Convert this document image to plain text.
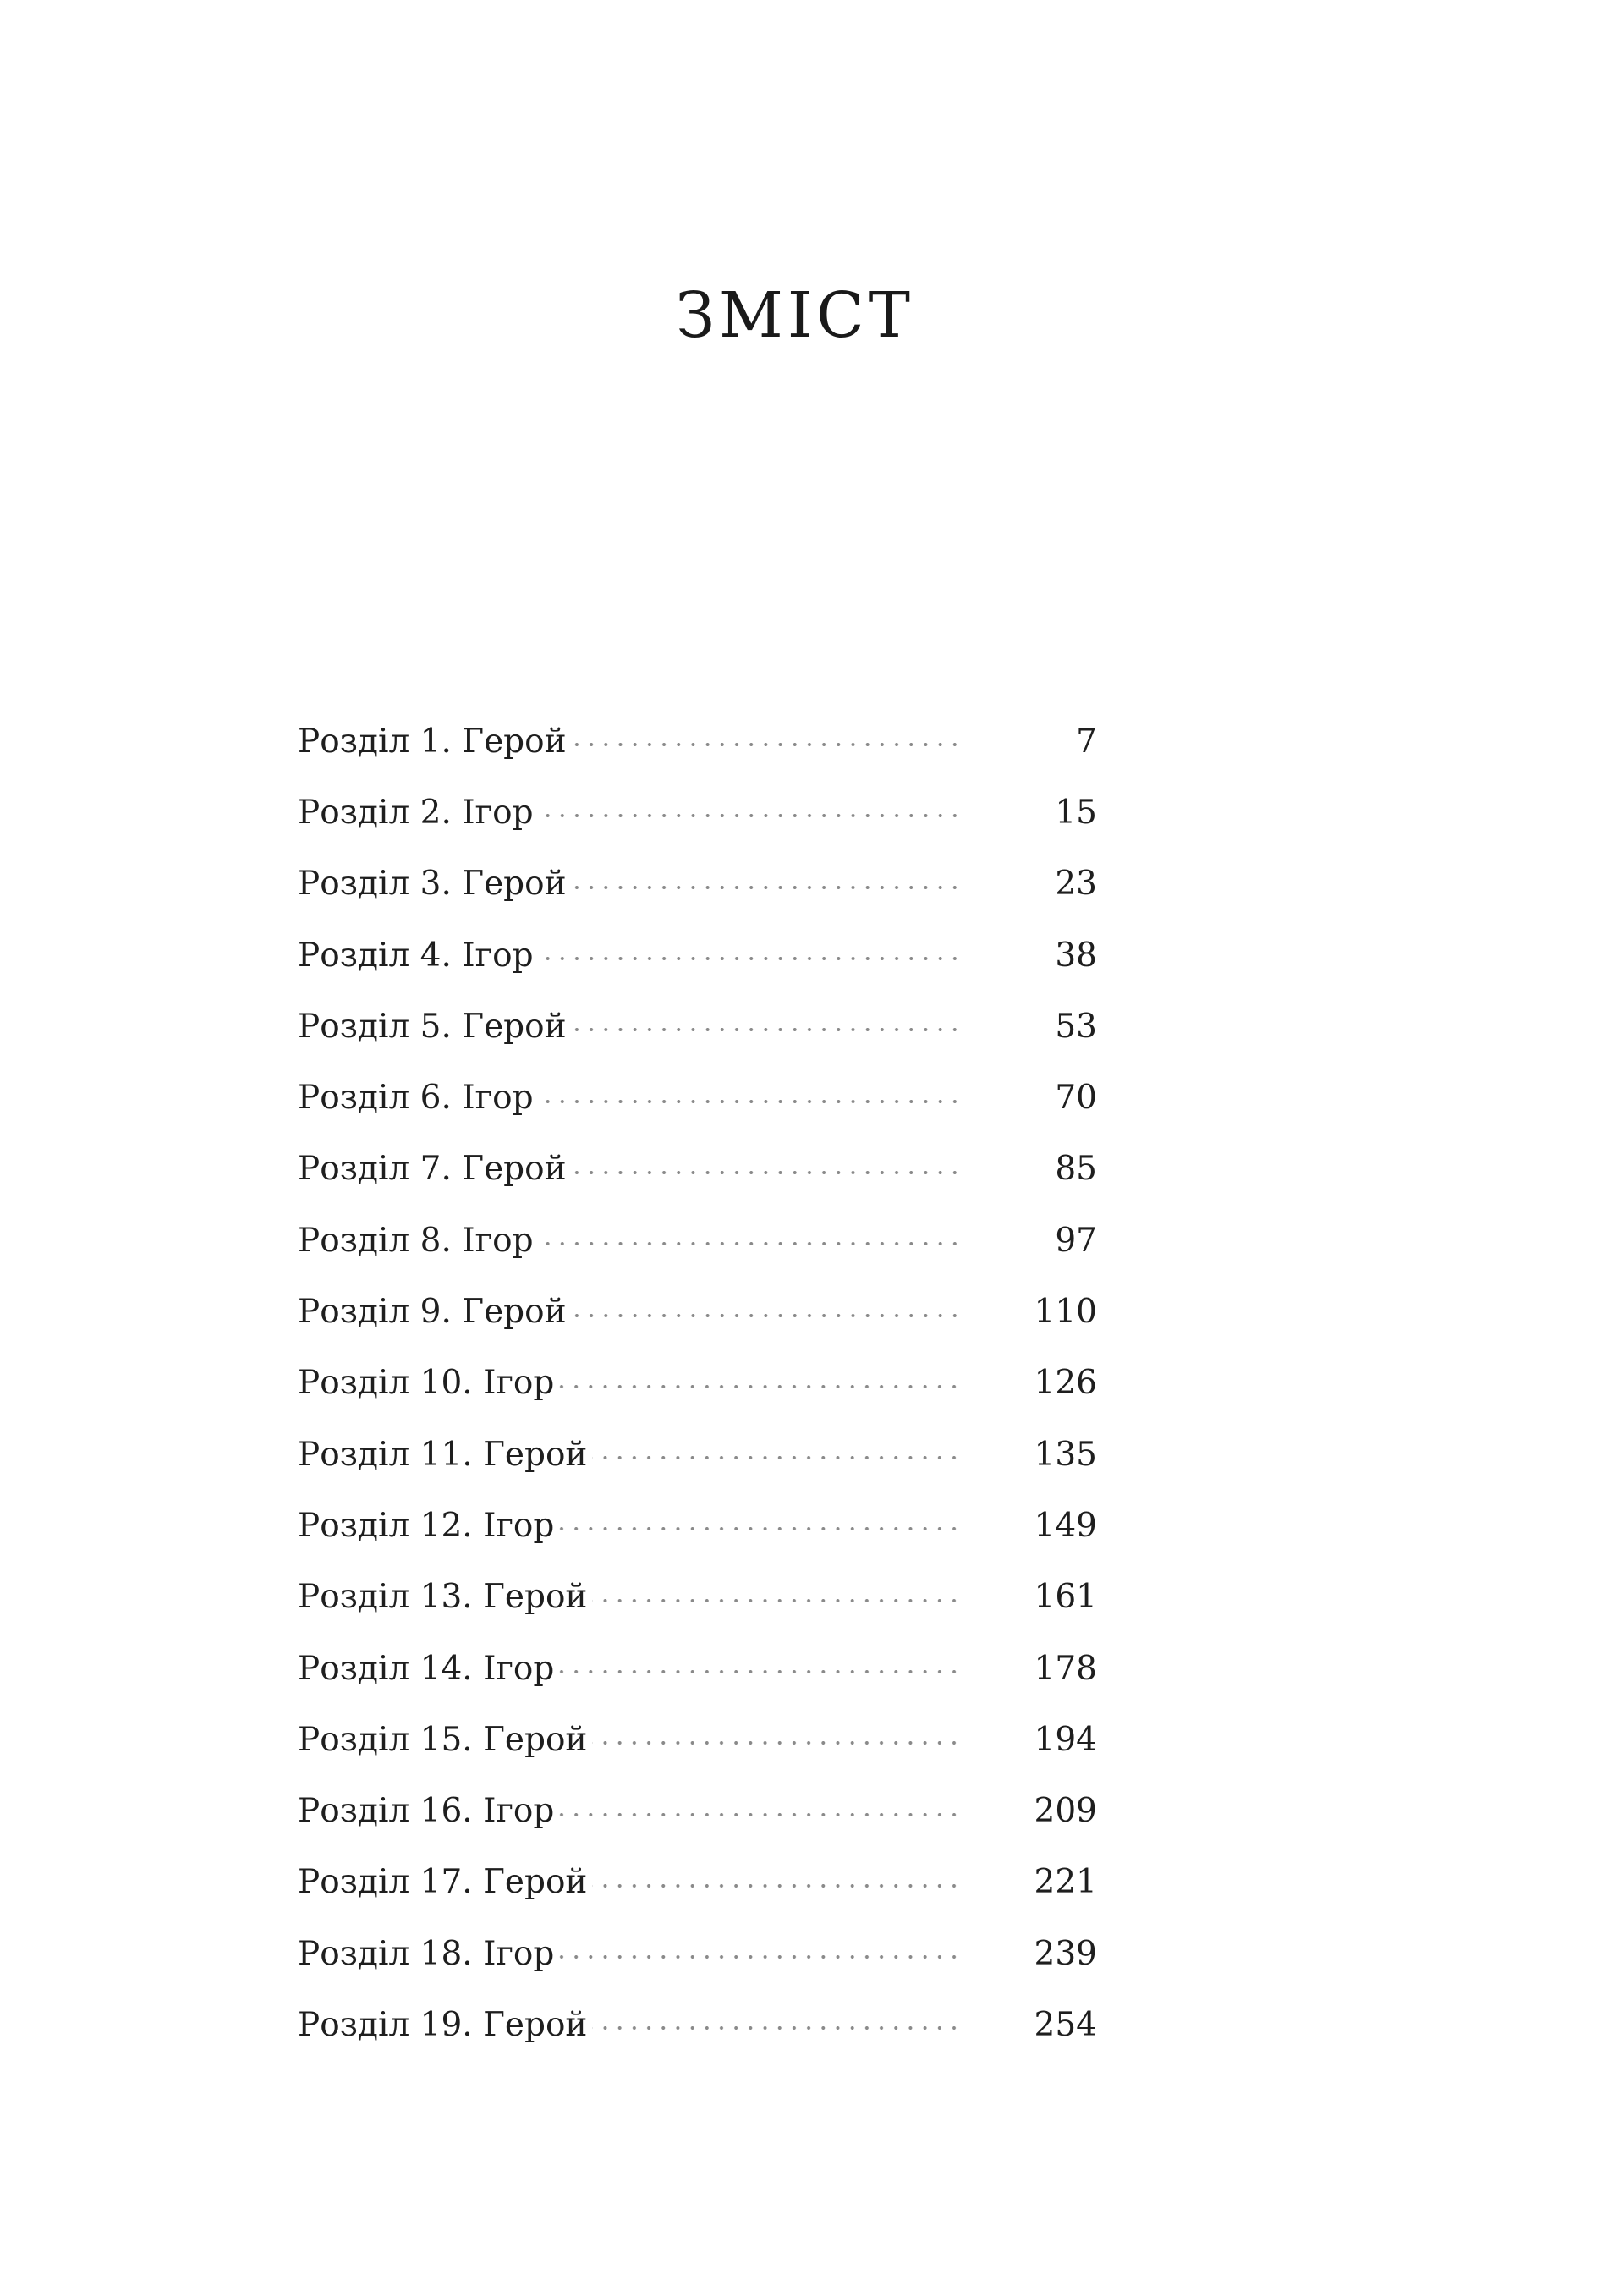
ЗМІСТ
Розділ 1. Герой	7
Розділ 2. Ігор	15
Розділ 3. Герой	23
Розділ 4. Ігор	38
Розділ 5. Герой	53
Розділ 6. Ігор	70
Розділ 7. Герой	85
Розділ 8. Ігор	97
Розділ 9. Герой	110
Розділ 10. Ігор	126
Розділ 11. Герой	135
Розділ 12. Ігор	149
Розділ 13. Герой	161
Розділ 14. Ігор	178
Розділ 15. Герой	194
Розділ 16. Ігор	209
Розділ 17. Герой	221
Розділ 18. Ігор	239
Розділ 19. Герой	254
